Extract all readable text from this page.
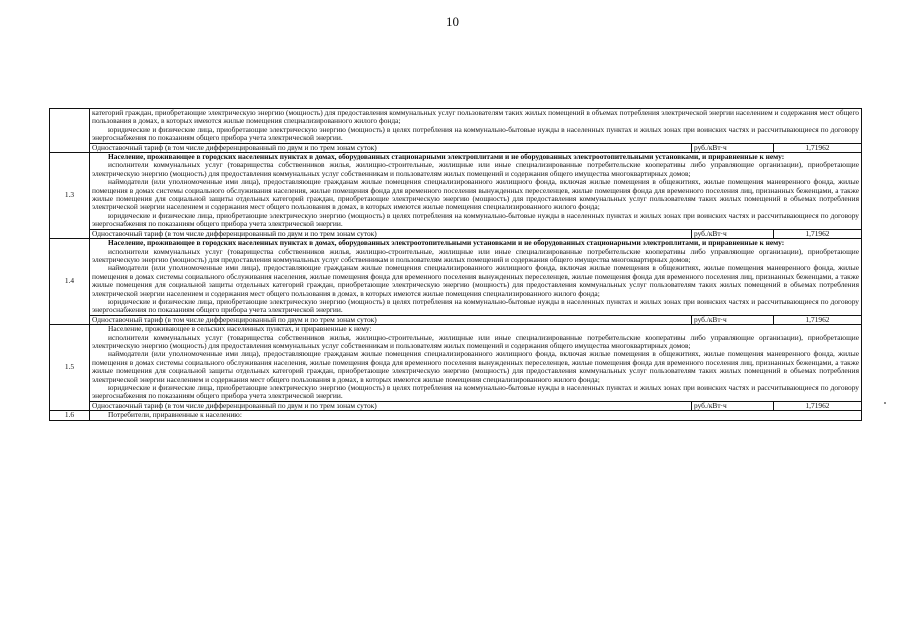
10

	категорий граждан, приобретающие электрическую энергию (мощность) для предоставления коммунальных услуг пользователям таких жилых помещений в объемах потребления электрической энергии населением и содержания мест общего пользования в домах, в которых имеются жилые помещения специализированного жилого фонда;
юридические и физические лица, приобретающие электрическую энергию (мощность) в целях потребления на коммунально-бытовые нужды в населенных пунктах и жилых зонах при воинских частях и рассчитывающиеся по договору энергоснабжения по показаниям общего прибора учета электрической энергии.		

	Одноставочный тариф (в том числе дифференцированный по двум и по трем зонам суток)	руб./кВт·ч	1,71962
1.3	Население, проживающее в городских населенных пунктах в домах, оборудованных стационарными электроплитами и не оборудованных электроотопительными установками, и приравненные к нему:
исполнители коммунальных услуг (товарищества собственников жилья, жилищно-строительные, жилищные или иные специализированные потребительские кооперативы либо управляющие организации), приобретающие электрическую энергию (мощность) для предоставления коммунальных услуг собственникам и пользователям жилых помещений и содержания общего имущества многоквартирных домов;
наймодатели (или уполномоченные ими лица), предоставляющие гражданам жилые помещения специализированного жилищного фонда, включая жилые помещения в общежитиях, жилые помещения маневренного фонда, жилые помещения в домах системы социального обслуживания населения, жилые помещения фонда для временного поселения вынужденных переселенцев, жилые помещения фонда для временного поселения лиц, признанных беженцами, а также жилые помещения для социальной защиты отдельных категорий граждан, приобретающие электрическую энергию (мощность) для предоставления коммунальных услуг пользователям таких жилых помещений в объемах потребления электрической энергии населением и содержания мест общего пользования в домах, в которых имеются жилые помещения специализированного жилого фонда;
юридические и физические лица, приобретающие электрическую энергию (мощность) в целях потребления на коммунально-бытовые нужды в населенных пунктах и жилых зонах при воинских частях и рассчитывающиеся по договору энергоснабжения по показаниям общего прибора учета электрической энергии.		

	Одноставочный тариф (в том числе дифференцированный по двум и по трем зонам суток)	руб./кВт·ч	1,71962
1.4	Население, проживающее в городских населенных пунктах в домах, оборудованных электроотопительными установками и не оборудованных стационарными электроплитами, и приравненные к нему:
исполнители коммунальных услуг (товарищества собственников жилья, жилищно-строительные, жилищные или иные специализированные потребительские кооперативы либо управляющие организации), приобретающие электрическую энергию (мощность) для предоставления коммунальных услуг собственникам и пользователям жилых помещений и содержания общего имущества многоквартирных домов;
наймодатели (или уполномоченные ими лица), предоставляющие гражданам жилые помещения специализированного жилищного фонда, включая жилые помещения в общежитиях, жилые помещения маневренного фонда, жилые помещения в домах системы социального обслуживания населения, жилые помещения фонда для временного поселения вынужденных переселенцев, жилые помещения фонда для временного поселения лиц, признанных беженцами, а также жилые помещения для социальной защиты отдельных категорий граждан, приобретающие электрическую энергию (мощность) для предоставления коммунальных услуг пользователям таких жилых помещений в объемах потребления электрической энергии населением и содержания мест общего пользования в домах, в которых имеются жилые помещения специализированного жилого фонда;
юридические и физические лица, приобретающие электрическую энергию (мощность) в целях потребления на коммунально-бытовые нужды в населенных пунктах и жилых зонах при воинских частях и рассчитывающиеся по договору энергоснабжения по показаниям общего прибора учета электрической энергии.		

	Одноставочный тариф (в том числе дифференцированный по двум и по трем зонам суток)	руб./кВт·ч	1,71962
1.5	Население, проживающее в сельских населенных пунктах, и приравненные к нему:
исполнители коммунальных услуг (товарищества собственников жилья, жилищно-строительные, жилищные или иные специализированные потребительские кооперативы либо управляющие организации), приобретающие электрическую энергию (мощность) для предоставления коммунальных услуг собственникам и пользователям жилых помещений и содержания общего имущества многоквартирных домов;
наймодатели (или уполномоченные ими лица), предоставляющие гражданам жилые помещения специализированного жилищного фонда, включая жилые помещения в общежитиях, жилые помещения маневренного фонда, жилые помещения в домах системы социального обслуживания населения, жилые помещения фонда для временного поселения вынужденных переселенцев, жилые помещения фонда для временного поселения лиц, признанных беженцами, а также жилые помещения для социальной защиты отдельных категорий граждан, приобретающие электрическую энергию (мощность) для предоставления коммунальных услуг пользователям таких жилых помещений в объемах потребления электрической энергии населением и содержания мест общего пользования в домах, в которых имеются жилые помещения специализированного жилого фонда;
юридические и физические лица, приобретающие электрическую энергию (мощность) в целях потребления на коммунально-бытовые нужды в населенных пунктах и жилых зонах при воинских частях и рассчитывающиеся по договору энергоснабжения по показаниям общего прибора учета электрической энергии.		

	Одноставочный тариф (в том числе дифференцированный по двум и по трем зонам суток)	руб./кВт·ч	1,71962
1.6	Потребители, приравненные к населению:		
